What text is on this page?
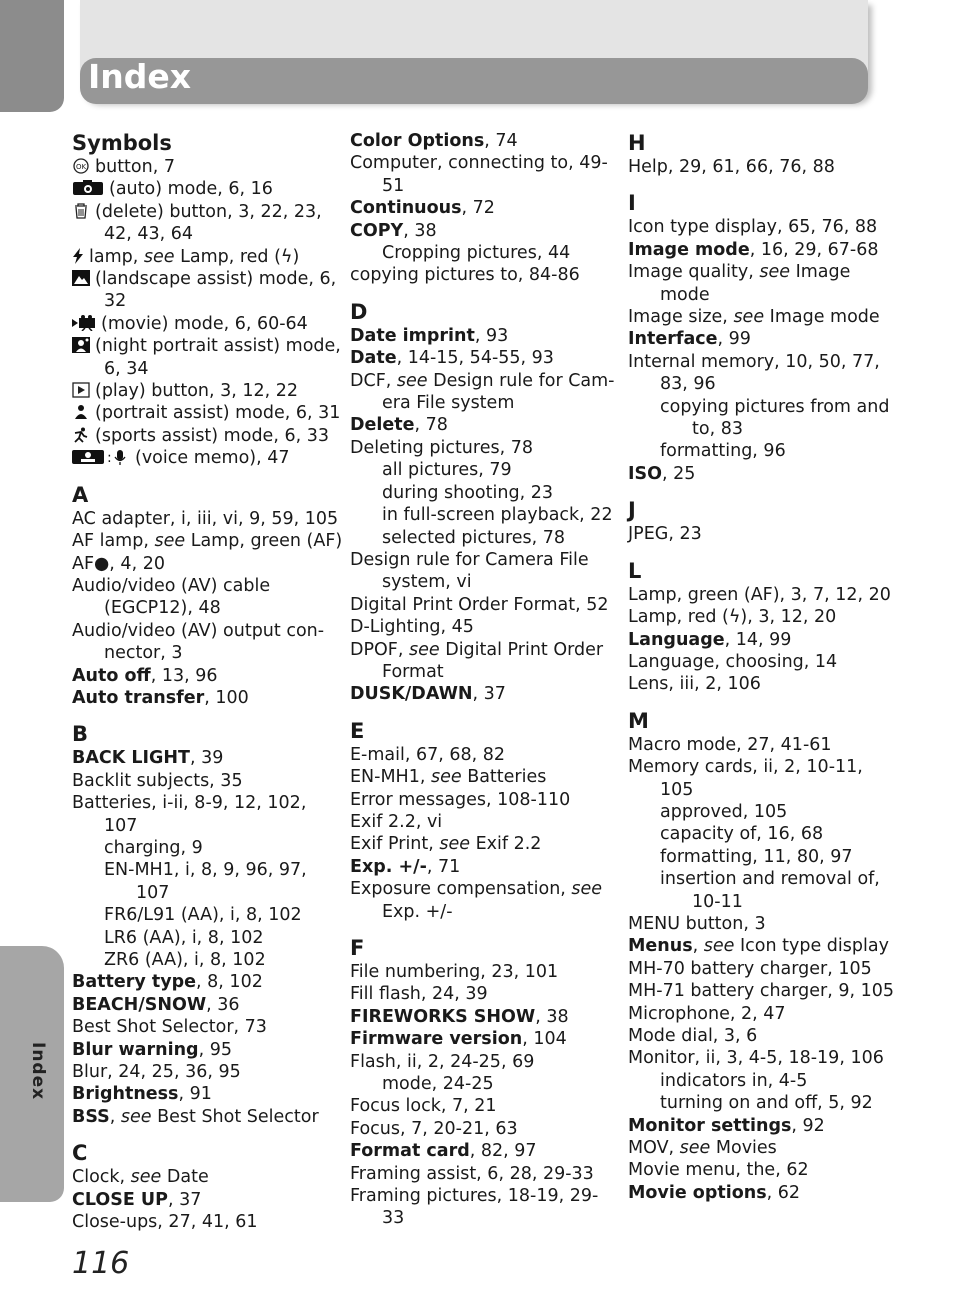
Index
Index
Symbols
OK button, 7
(auto) mode, 6, 16
(delete) button, 3, 22, 23,
42, 43, 64
lamp, see Lamp, red (ϟ)
(landscape assist) mode, 6,
32
(movie) mode, 6, 60-64
(night portrait assist) mode,
6, 34
(play) button, 3, 12, 22
(portrait assist) mode, 6, 31
(sports assist) mode, 6, 33
: (voice memo), 47
A
AC adapter, i, iii, vi, 9, 59, 105
AF lamp, see Lamp, green (AF)
AF●, 4, 20
Audio/video (AV) cable
(EGCP12), 48
Audio/video (AV) output con-
nector, 3
Auto off, 13, 96
Auto transfer, 100
B
BACK LIGHT, 39
Backlit subjects, 35
Batteries, i-ii, 8-9, 12, 102,
107
charging, 9
EN-MH1, i, 8, 9, 96, 97,
107
FR6/L91 (AA), i, 8, 102
LR6 (AA), i, 8, 102
ZR6 (AA), i, 8, 102
Battery type, 8, 102
BEACH/SNOW, 36
Best Shot Selector, 73
Blur warning, 95
Blur, 24, 25, 36, 95
Brightness, 91
BSS, see Best Shot Selector
C
Clock, see Date
CLOSE UP, 37
Close-ups, 27, 41, 61
Color Options, 74
Computer, connecting to, 49-
51
Continuous, 72
COPY, 38
Cropping pictures, 44
copying pictures to, 84-86
D
Date imprint, 93
Date, 14-15, 54-55, 93
DCF, see Design rule for Cam-
era File system
Delete, 78
Deleting pictures, 78
all pictures, 79
during shooting, 23
in full-screen playback, 22
selected pictures, 78
Design rule for Camera File
system, vi
Digital Print Order Format, 52
D-Lighting, 45
DPOF, see Digital Print Order
Format
DUSK/DAWN, 37
E
E-mail, 67, 68, 82
EN-MH1, see Batteries
Error messages, 108-110
Exif 2.2, vi
Exif Print, see Exif 2.2
Exp. +/-, 71
Exposure compensation, see
Exp. +/-
F
File numbering, 23, 101
Fill flash, 24, 39
FIREWORKS SHOW, 38
Firmware version, 104
Flash, ii, 2, 24-25, 69
mode, 24-25
Focus lock, 7, 21
Focus, 7, 20-21, 63
Format card, 82, 97
Framing assist, 6, 28, 29-33
Framing pictures, 18-19, 29-
33
H
Help, 29, 61, 66, 76, 88
I
Icon type display, 65, 76, 88
Image mode, 16, 29, 67-68
Image quality, see Image
mode
Image size, see Image mode
Interface, 99
Internal memory, 10, 50, 77,
83, 96
copying pictures from and
to, 83
formatting, 96
ISO, 25
J
JPEG, 23
L
Lamp, green (AF), 3, 7, 12, 20
Lamp, red (ϟ), 3, 12, 20
Language, 14, 99
Language, choosing, 14
Lens, iii, 2, 106
M
Macro mode, 27, 41-61
Memory cards, ii, 2, 10-11,
105
approved, 105
capacity of, 16, 68
formatting, 11, 80, 97
insertion and removal of,
10-11
MENU button, 3
Menus, see Icon type display
MH-70 battery charger, 105
MH-71 battery charger, 9, 105
Microphone, 2, 47
Mode dial, 3, 6
Monitor, ii, 3, 4-5, 18-19, 106
indicators in, 4-5
turning on and off, 5, 92
Monitor settings, 92
MOV, see Movies
Movie menu, the, 62
Movie options, 62
116
